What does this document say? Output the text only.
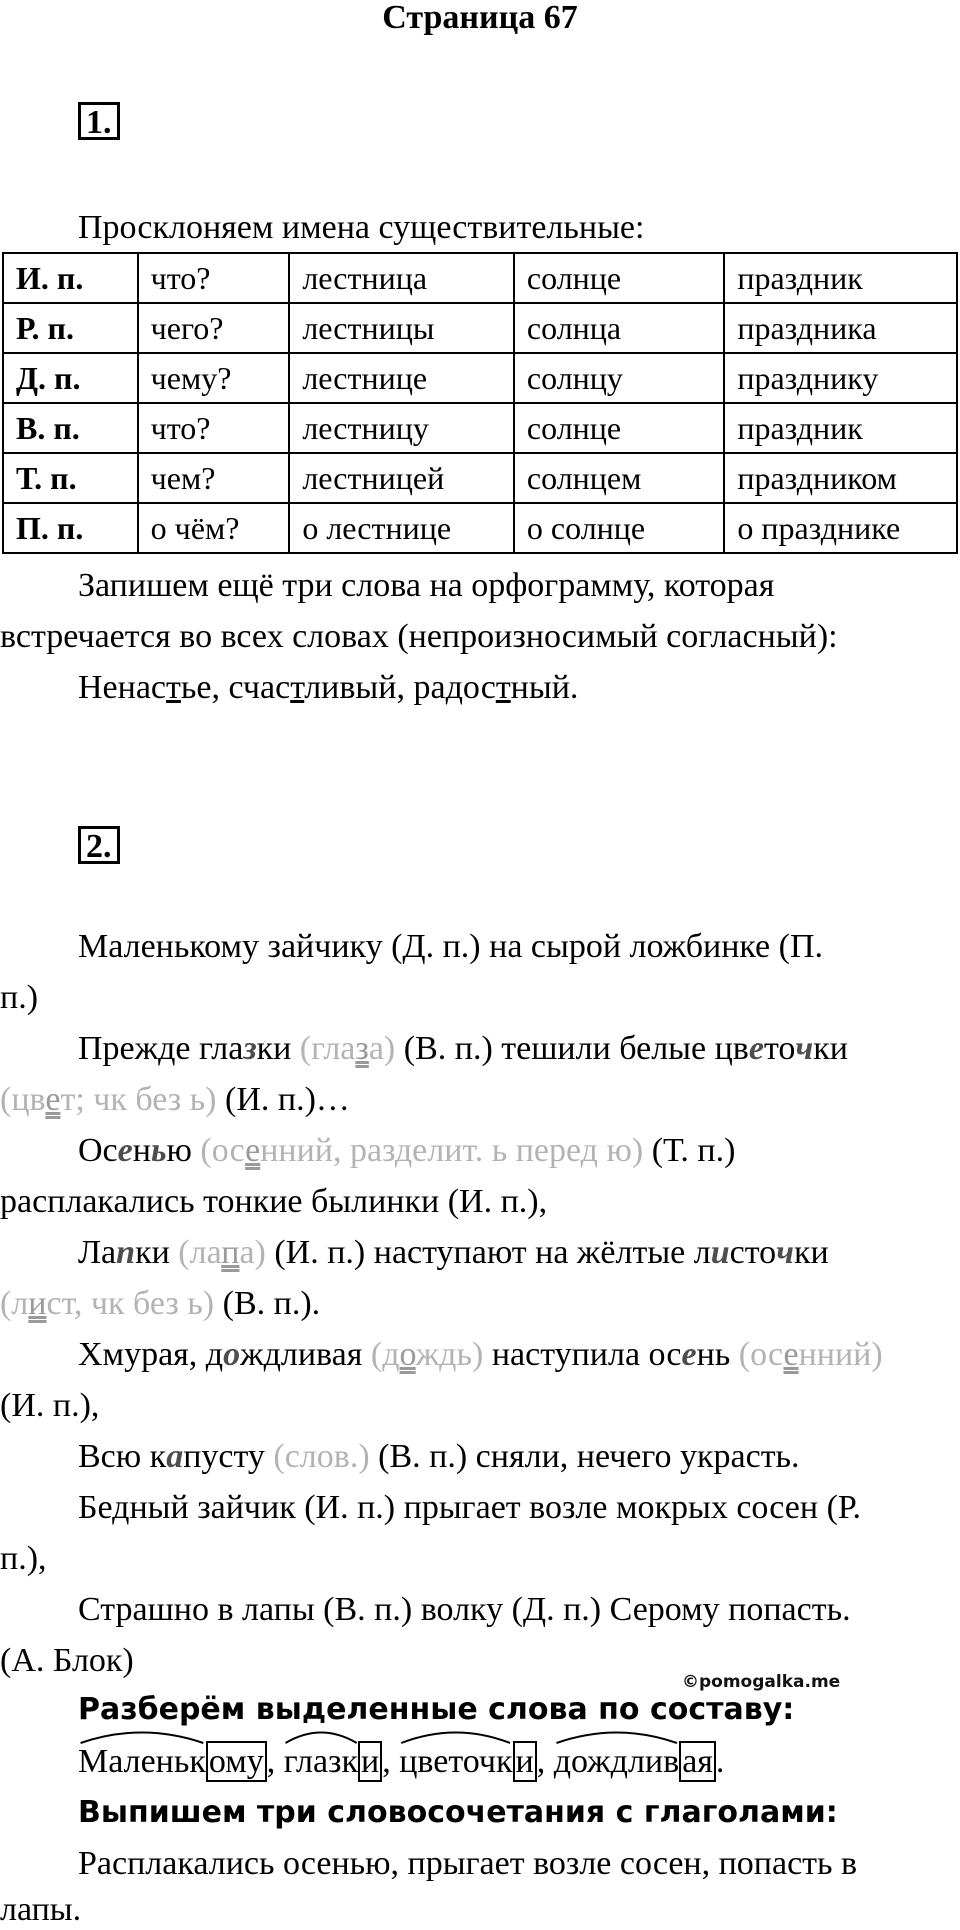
Страница 67
1.
Просклоняем имена существительные:
И. п.	что?	лестница	солнце	праздник
Р. п.	чего?	лестницы	солнца	праздника
Д. п.	чему?	лестнице	солнцу	празднику
В. п.	что?	лестницу	солнце	праздник
Т. п.	чем?	лестницей	солнцем	праздником
П. п.	о чём?	о лестнице	о солнце	о празднике
Запишем ещё три слова на орфограмму, которая
встречается во всех словах (непроизносимый согласный):
Ненастье, счастливый, радостный.
2.
Маленькому зайчику (Д. п.) на сырой ложбинке (П.
п.)
Прежде глазки (глаза) (В. п.) тешили белые цветочки
(цвет; чк без ь) (И. п.)…
Осенью (осенний, разделит. ь перед ю) (Т. п.)
расплакались тонкие былинки (И. п.),
Лапки (лапа) (И. п.) наступают на жёлтые листочки
(лист, чк без ь) (В. п.).
Хмурая, дождливая (дождь) наступила осень (осенний)
(И. п.),
Всю капусту (слов.) (В. п.) сняли, нечего украсть.
Бедный зайчик (И. п.) прыгает возле мокрых сосен (Р.
п.),
Страшно в лапы (В. п.) волку (Д. п.) Серому попасть.
(А. Блок)
©pomogalka.me
Разберём выделенные слова по составу:
Маленькому,
глазки,
цветочки,
дождливая.
Выпишем три словосочетания с глаголами:
Расплакались осенью, прыгает возле сосен, попасть в
лапы.
